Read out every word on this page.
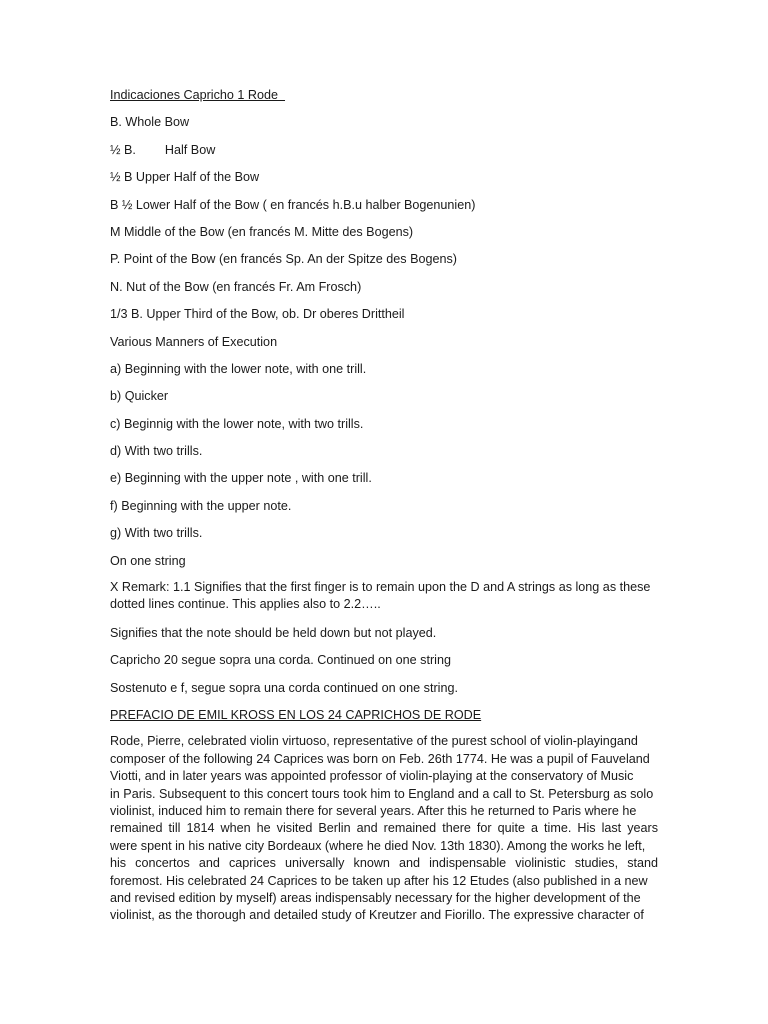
Indicaciones Capricho 1 Rode
B. Whole Bow
½ B. Half Bow
½ B Upper Half of the Bow
B ½ Lower Half of the Bow ( en francés h.B.u halber Bogenunien)
M Middle of the Bow (en francés M. Mitte des Bogens)
P. Point of the Bow (en francés Sp. An der Spitze des Bogens)
N. Nut of the Bow (en francés Fr. Am Frosch)
1/3 B. Upper Third of the Bow, ob. Dr oberes Drittheil
Various Manners of Execution
a) Beginning with the lower note, with one trill.
b) Quicker
c) Beginnig with the lower note, with two trills.
d) With two trills.
e) Beginning with the upper note , with one trill.
f) Beginning with the upper note.
g) With two trills.
On one string
X Remark: 1.1 Signifies that the first finger is to remain upon the D and A strings as long as these
dotted lines continue. This applies also to 2.2…..
Signifies that the note should be held down but not played.
Capricho 20 segue sopra una corda. Continued on one string
Sostenuto e f, segue sopra una corda continued on one string.
PREFACIO DE EMIL KROSS EN LOS 24 CAPRICHOS DE RODE
Rode, Pierre, celebrated violin virtuoso, representative of the purest school of violin-playingand
composer of the following 24 Caprices was born on Feb. 26th 1774. He was a pupil of Fauveland
Viotti, and in later years was appointed professor of violin-playing at the conservatory of Music
in Paris. Subsequent to this concert tours took him to England and a call to St. Petersburg as solo
violinist, induced him to remain there for several years. After this he returned to Paris where he
remained till 1814 when he visited Berlin and remained there for quite a time. His last years
were spent in his native city Bordeaux (where he died Nov. 13th 1830). Among the works he left,
his concertos and caprices universally known and indispensable violinistic studies, stand
foremost. His celebrated 24 Caprices to be taken up after his 12 Etudes (also published in a new
and revised edition by myself) areas indispensably necessary for the higher development of the
violinist, as the thorough and detailed study of Kreutzer and Fiorillo. The expressive character of
